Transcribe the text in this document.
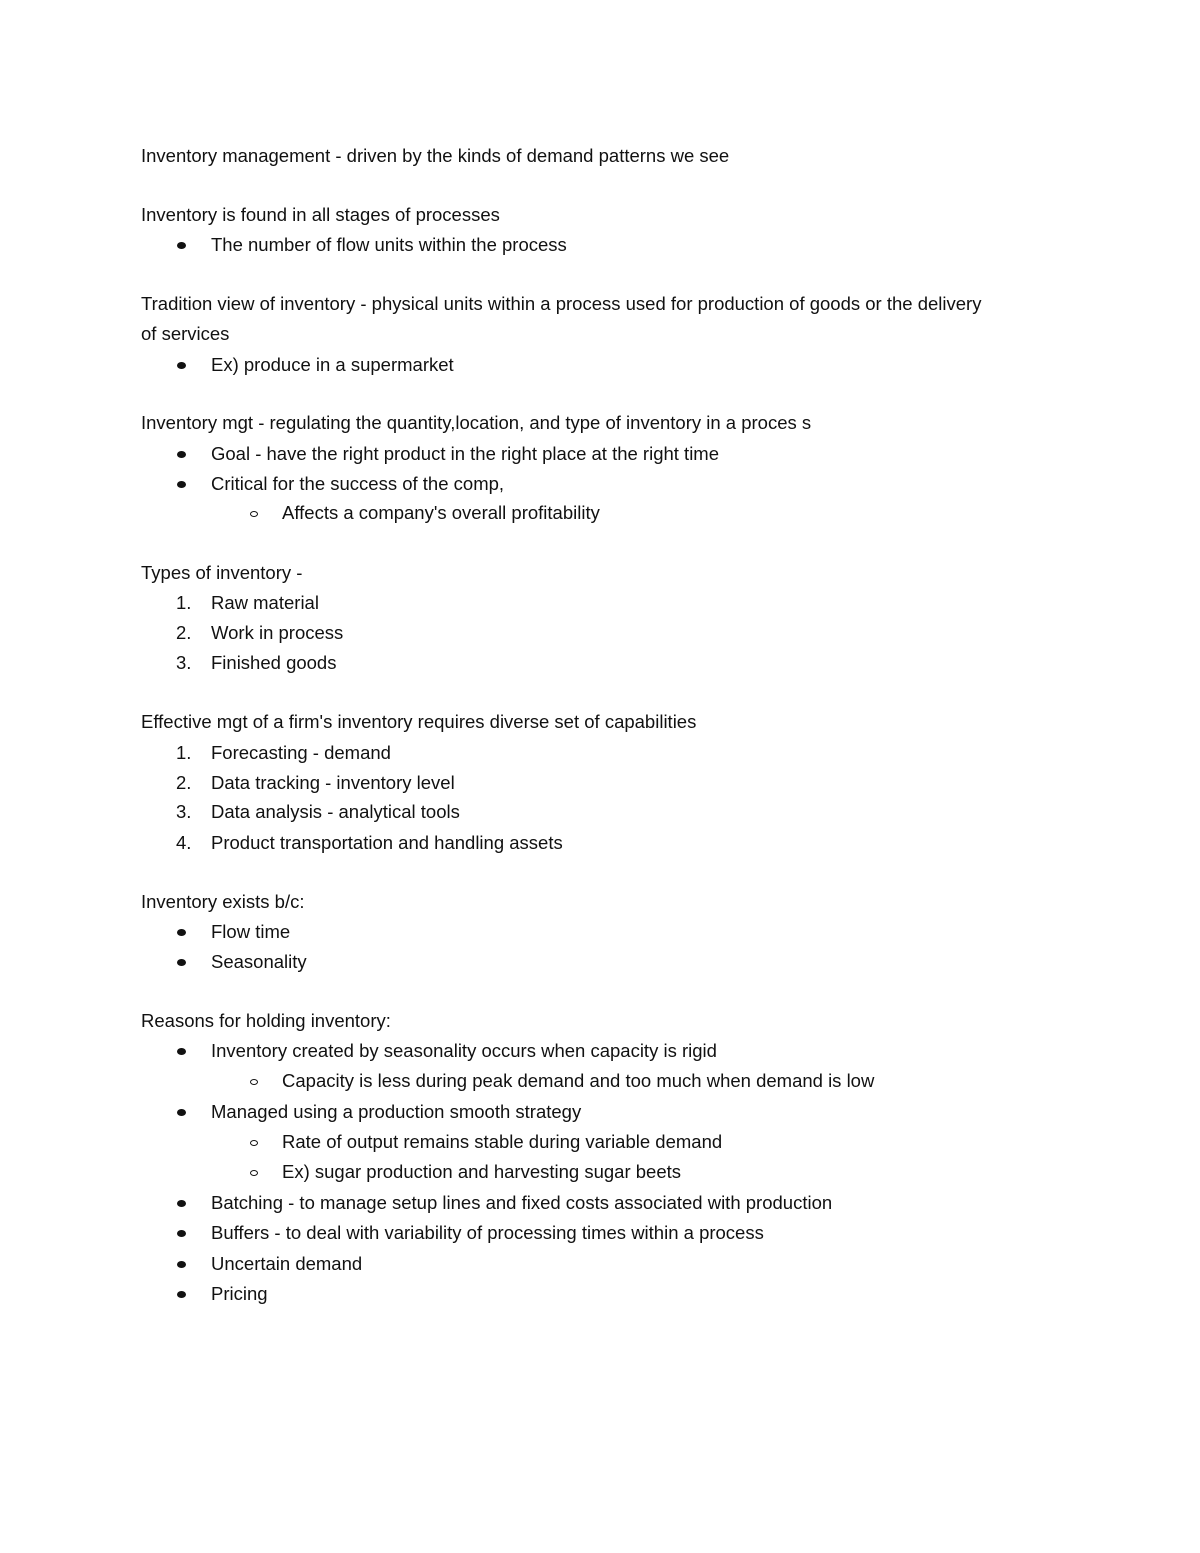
Inventory management - driven by the kinds of demand patterns we see
Inventory is found in all stages of processes
The number of flow units within the process
Tradition view of inventory - physical units within a process used for production of goods or the delivery
of services
Ex) produce in a supermarket
Inventory mgt - regulating the quantity,location, and type of inventory in a proces s
Goal - have the right product in the right place at the right time
Critical for the success of the comp,
Affects a company's overall profitability
Types of inventory -
1. Raw material
2. Work in process
3. Finished goods
Effective mgt of a firm's inventory requires diverse set of capabilities
1. Forecasting - demand
2. Data tracking - inventory level
3. Data analysis - analytical tools
4. Product transportation and handling assets
Inventory exists b/c:
Flow time
Seasonality
Reasons for holding inventory:
Inventory created by seasonality occurs when capacity is rigid
Capacity is less during peak demand and too much when demand is low
Managed using a production smooth strategy
Rate of output remains stable during variable demand
Ex) sugar production and harvesting sugar beets
Batching - to manage setup lines and fixed costs associated with production
Buffers - to deal with variability of processing times within a process
Uncertain demand
Pricing
